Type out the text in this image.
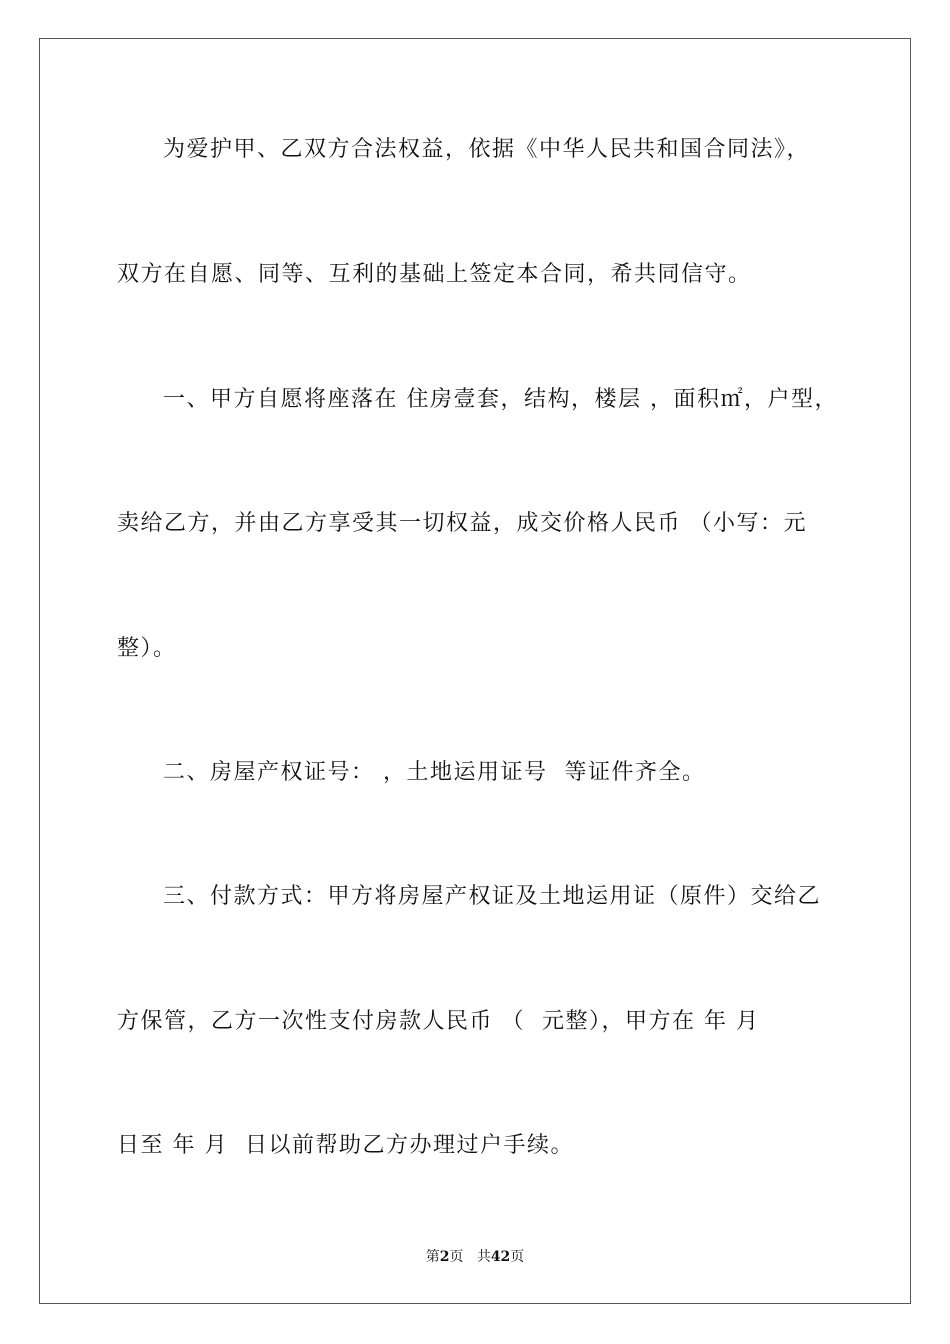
为爱护甲、乙双方合法权益，依据《中华人民共和国合同法》，
双方在自愿、同等、互利的基础上签定本合同，希共同信守。
一、甲方自愿将座落在 住房壹套，结构，楼层 ，面积㎡，户型，
卖给乙方，并由乙方享受其一切权益，成交价格人民币 （小写：元
整）。
二、房屋产权证号： ，土地运用证号  等证件齐全。
三、付款方式：甲方将房屋产权证及土地运用证（原件）交给乙
方保管，乙方一次性支付房款人民币 （  元整），甲方在 年 月
日至 年 月  日以前帮助乙方办理过户手续。
第2页 共42页
